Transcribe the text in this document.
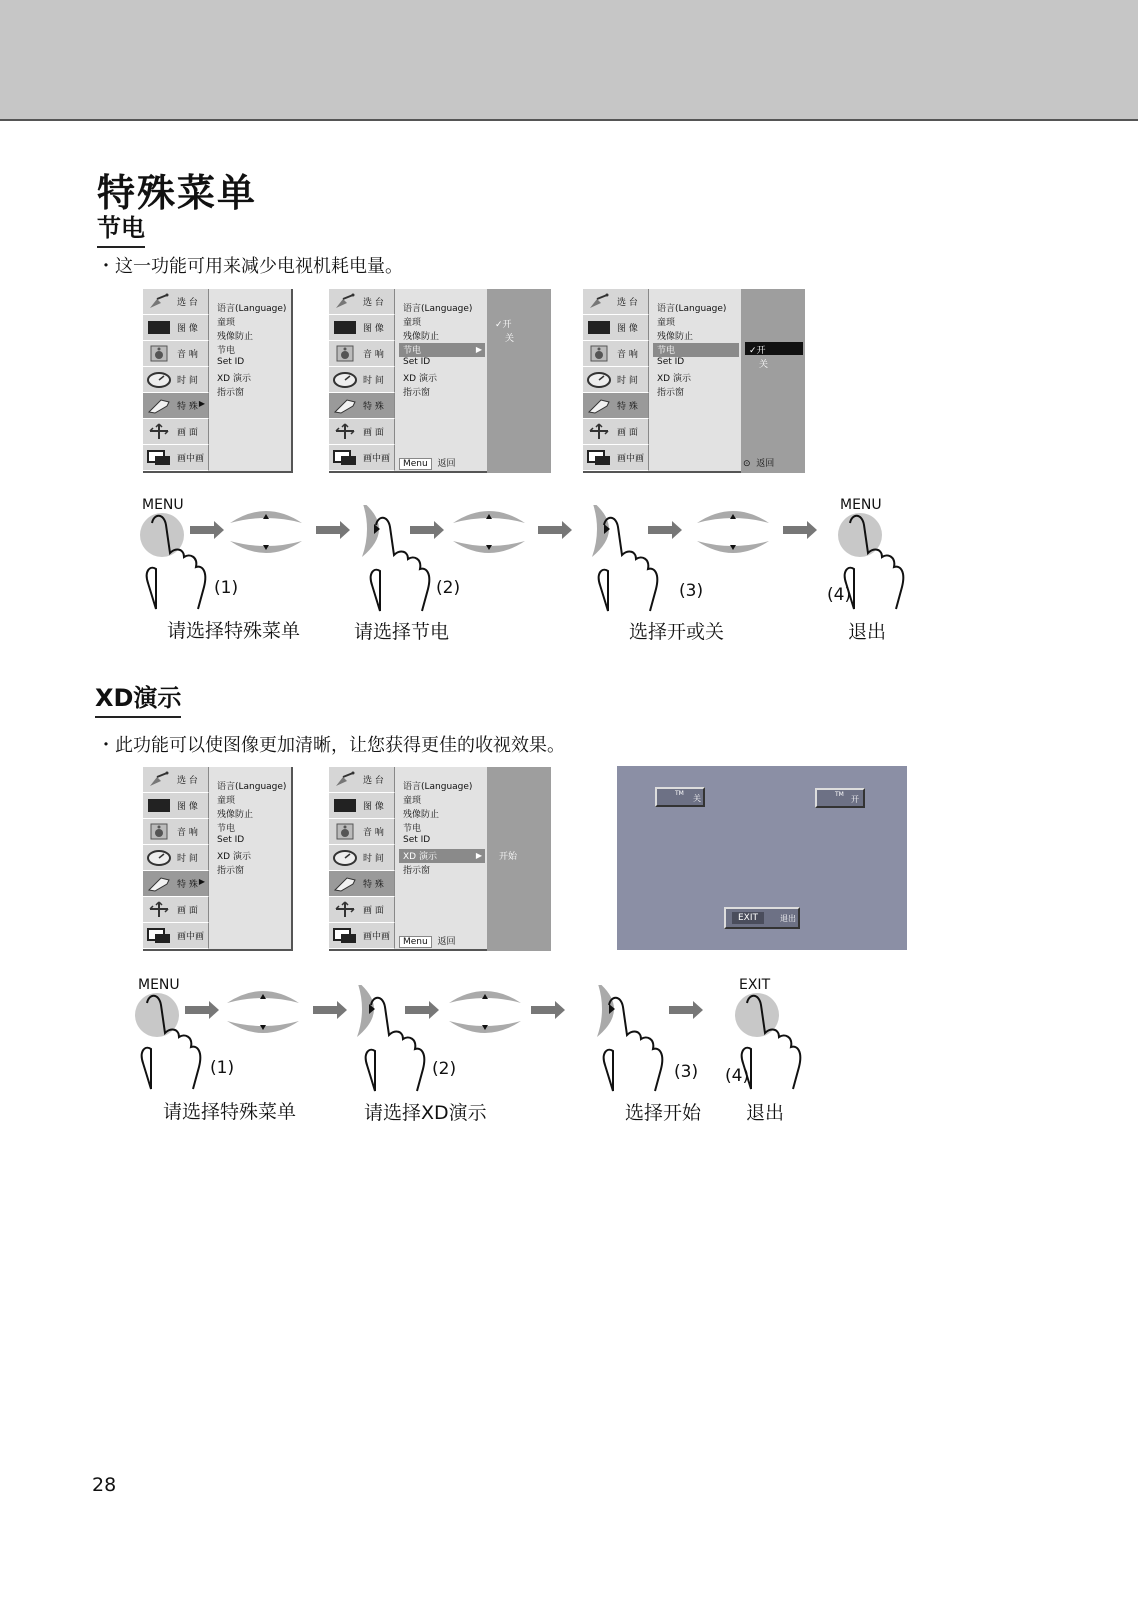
特殊菜单
节电
・这一功能可用来减少电视机耗电量。
选 台
图 像
音 响
时 间
特 殊 ▶
画 面
画中画
语言(Language)
童琐
残像防止
节电
Set ID
XD 演示
指示窗
选 台
图 像
音 响
时 间
特 殊
画 面
画中画
▶
语言(Language)
童琐
残像防止
节电
Set ID
XD 演示
指示窗
✓开
关
Menu 返回
选 台
图 像
音 响
时 间
特 殊
画 面
画中画
语言(Language)
童琐
残像防止
节电
Set ID
XD 演示
指示窗
✓开
关
⊙ 返回
MENU	MENU
(1)	(2)	(3)	(4)
请选择特殊菜单	请选择节电	选择开或关	退出
XD演示
・此功能可以使图像更加清晰，让您获得更佳的收视效果。
选 台
图 像
音 响
时 间
特 殊 ▶
画 面
画中画
语言(Language)
童琐
残像防止
节电
Set ID
XD 演示
指示窗
选 台
图 像
音 响
时 间
特 殊
画 面
画中画
▶
语言(Language)
童琐
残像防止
节电
Set ID
XD 演示
指示窗
开始
Menu 返回
TM
关	TM
开
EXIT	退出
MENU	EXIT
(1)	(2)	(3) (4)
请选择特殊菜单	请选择XD演示	选择开始 退出
28
